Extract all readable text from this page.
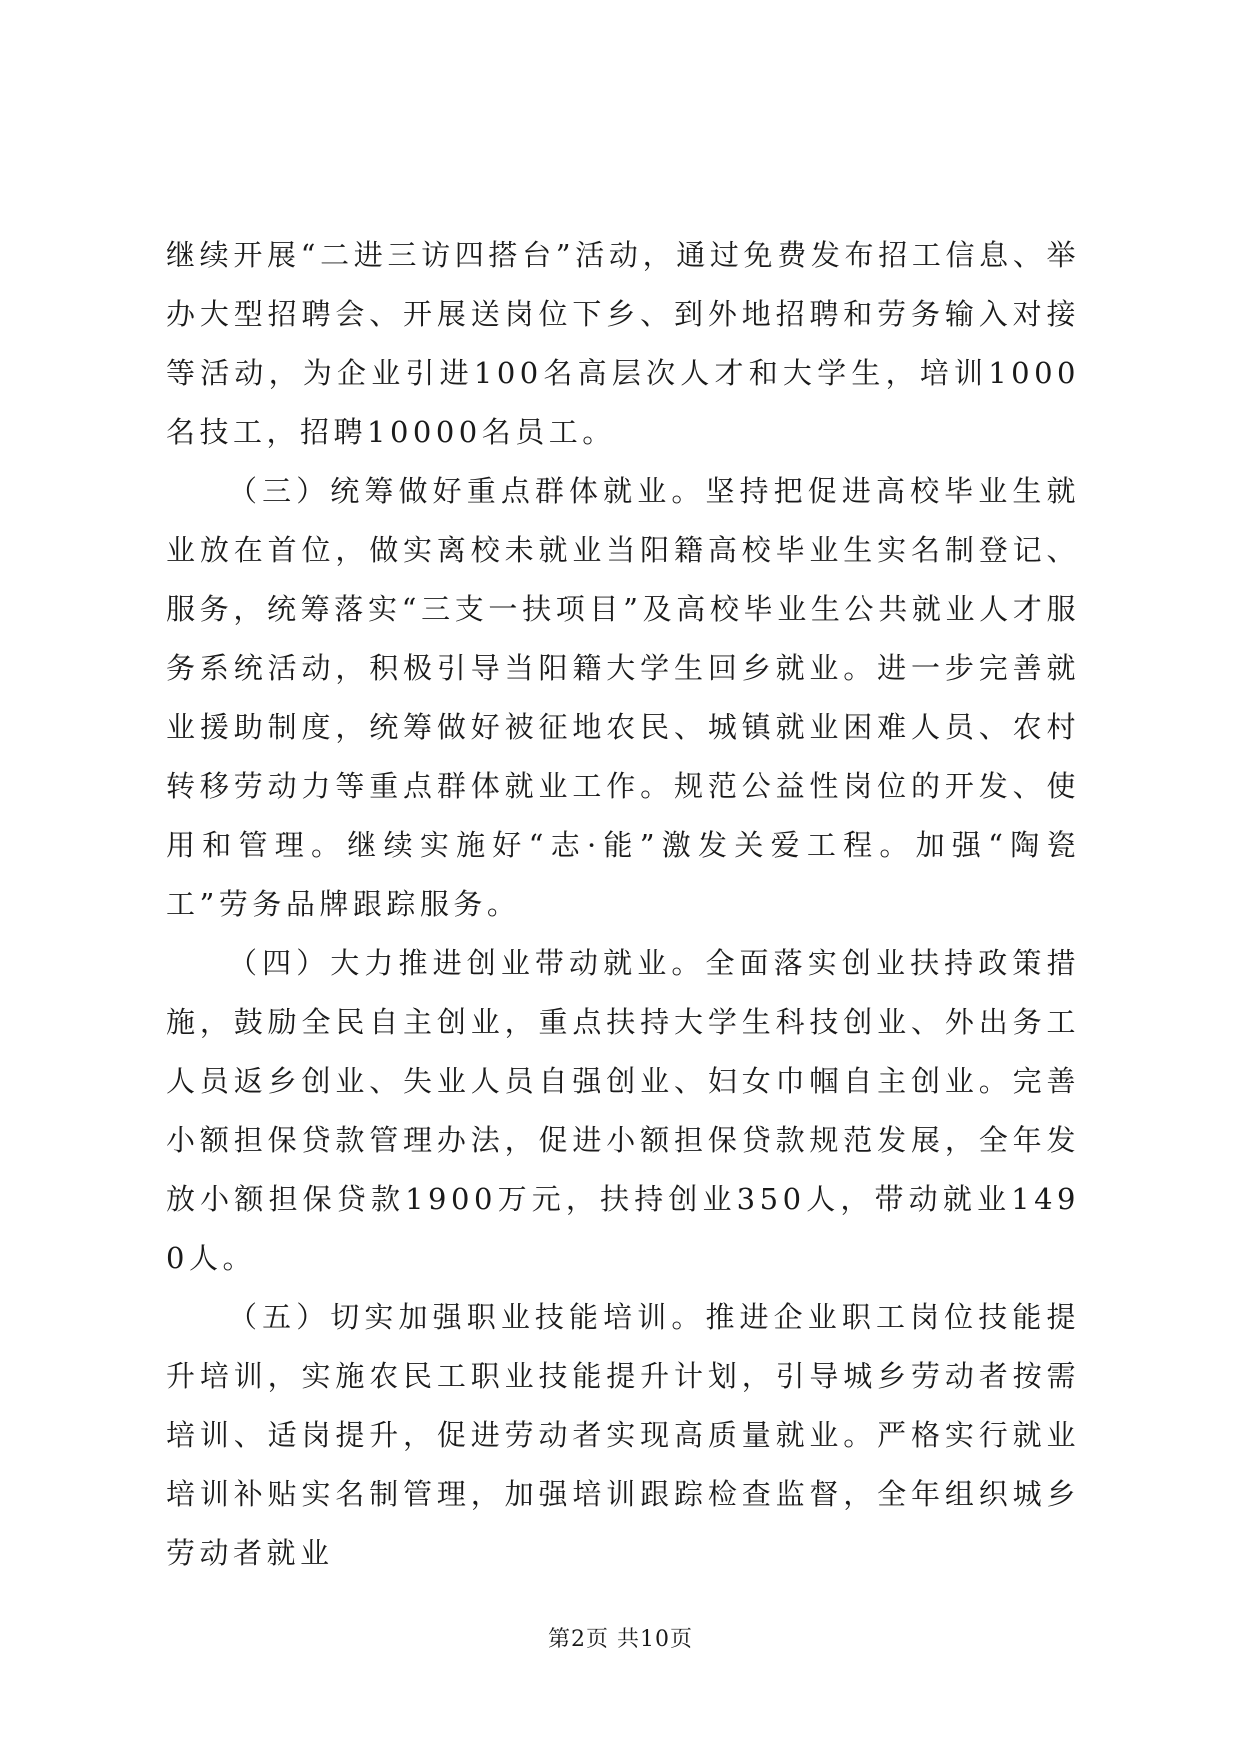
继续开展“二进三访四搭台”活动，通过免费发布招工信息、举办大型招聘会、开展送岗位下乡、到外地招聘和劳务输入对接等活动，为企业引进100名高层次人才和大学生，培训1000名技工，招聘10000名员工。

（三）统筹做好重点群体就业。坚持把促进高校毕业生就业放在首位，做实离校未就业当阳籍高校毕业生实名制登记、服务，统筹落实“三支一扶项目”及高校毕业生公共就业人才服务系统活动，积极引导当阳籍大学生回乡就业。进一步完善就业援助制度，统筹做好被征地农民、城镇就业困难人员、农村转移劳动力等重点群体就业工作。规范公益性岗位的开发、使用和管理。继续实施好“志·能”激发关爱工程。加强“陶瓷工”劳务品牌跟踪服务。

（四）大力推进创业带动就业。全面落实创业扶持政策措施，鼓励全民自主创业，重点扶持大学生科技创业、外出务工人员返乡创业、失业人员自强创业、妇女巾帼自主创业。完善小额担保贷款管理办法，促进小额担保贷款规范发展，全年发放小额担保贷款1900万元，扶持创业350人，带动就业1490人。

（五）切实加强职业技能培训。推进企业职工岗位技能提升培训，实施农民工职业技能提升计划，引导城乡劳动者按需培训、适岗提升，促进劳动者实现高质量就业。严格实行就业培训补贴实名制管理，加强培训跟踪检查监督，全年组织城乡劳动者就业

第2页 共10页
